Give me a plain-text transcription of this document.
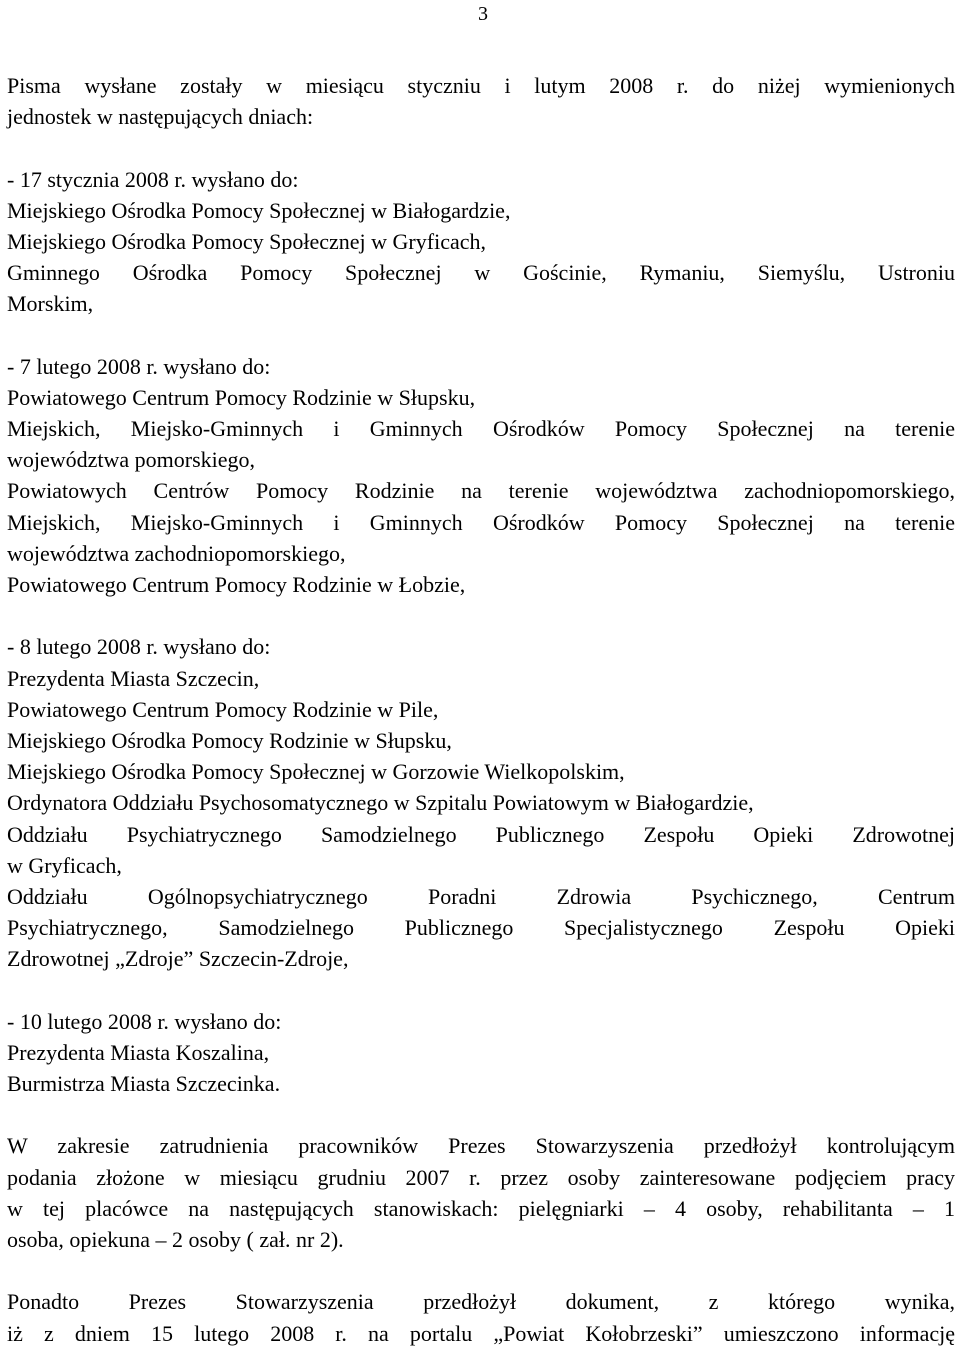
3
Pisma wysłane zostały w miesiącu styczniu i lutym 2008 r. do niżej wymienionych
jednostek w następujących dniach:
- 17 stycznia 2008 r. wysłano do:
Miejskiego Ośrodka Pomocy Społecznej w Białogardzie,
Miejskiego Ośrodka Pomocy Społecznej w Gryficach,
Gminnego Ośrodka Pomocy Społecznej w Gościnie, Rymaniu, Siemyślu, Ustroniu
Morskim,
- 7 lutego 2008 r. wysłano do:
Powiatowego Centrum Pomocy Rodzinie w Słupsku,
Miejskich, Miejsko-Gminnych i Gminnych Ośrodków Pomocy Społecznej na terenie
województwa pomorskiego,
Powiatowych Centrów Pomocy Rodzinie na terenie województwa zachodniopomorskiego,
Miejskich, Miejsko-Gminnych i Gminnych Ośrodków Pomocy Społecznej na terenie
województwa zachodniopomorskiego,
Powiatowego Centrum Pomocy Rodzinie w Łobzie,
- 8 lutego 2008 r. wysłano do:
Prezydenta Miasta Szczecin,
Powiatowego Centrum Pomocy Rodzinie w Pile,
Miejskiego Ośrodka Pomocy Rodzinie w Słupsku,
Miejskiego Ośrodka Pomocy Społecznej w Gorzowie Wielkopolskim,
Ordynatora Oddziału Psychosomatycznego w Szpitalu Powiatowym w Białogardzie,
Oddziału Psychiatrycznego Samodzielnego Publicznego Zespołu Opieki Zdrowotnej
w Gryficach,
Oddziału Ogólnopsychiatrycznego Poradni Zdrowia Psychicznego, Centrum
Psychiatrycznego, Samodzielnego Publicznego Specjalistycznego Zespołu Opieki
Zdrowotnej „Zdroje” Szczecin-Zdroje,
- 10 lutego 2008 r. wysłano do:
Prezydenta Miasta Koszalina,
Burmistrza Miasta Szczecinka.
W zakresie zatrudnienia pracowników Prezes Stowarzyszenia przedłożył kontrolującym
podania złożone w miesiącu grudniu 2007 r. przez osoby zainteresowane podjęciem pracy
w tej placówce na następujących stanowiskach: pielęgniarki – 4 osoby, rehabilitanta – 1
osoba, opiekuna – 2 osoby ( zał. nr 2).
Ponadto Prezes Stowarzyszenia przedłożył dokument, z którego wynika,
iż z dniem 15 lutego 2008 r. na portalu „Powiat Kołobrzeski” umieszczono informację
